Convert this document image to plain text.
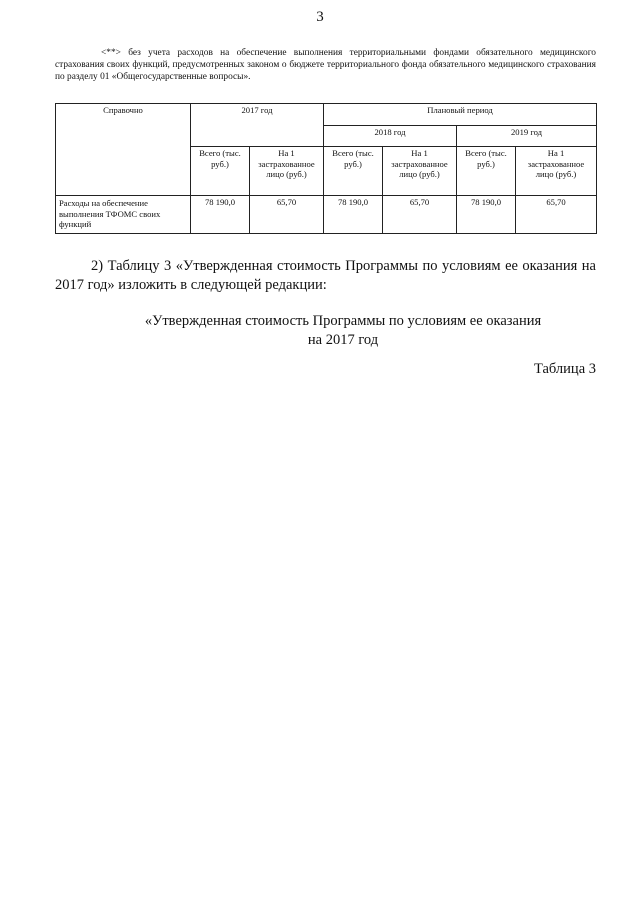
3

<**> без учета расходов на обеспечение выполнения территориальными фондами обязательного медицинского страхования своих функций, предусмотренных законом о бюджете территориального фонда обязательного медицинского страхования по разделу 01 «Общегосударственные вопросы».

Справочно	2017 год		Плановый период			
			2018 год		2019 год	
	Всего (тыс. руб.)	На 1 застрахованное лицо (руб.)	Всего (тыс. руб.)	На 1 застрахованное лицо (руб.)	Всего (тыс. руб.)	На 1 застрахованное лицо (руб.)
Расходы на обеспечение выполнения ТФОМС своих функций	78 190,0	65,70	78 190,0	65,70	78 190,0	65,70

2) Таблицу 3 «Утвержденная стоимость Программы по условиям ее оказания на 2017 год» изложить в следующей редакции:

«Утвержденная стоимость Программы по условиям ее оказания
на 2017 год
Таблица 3
